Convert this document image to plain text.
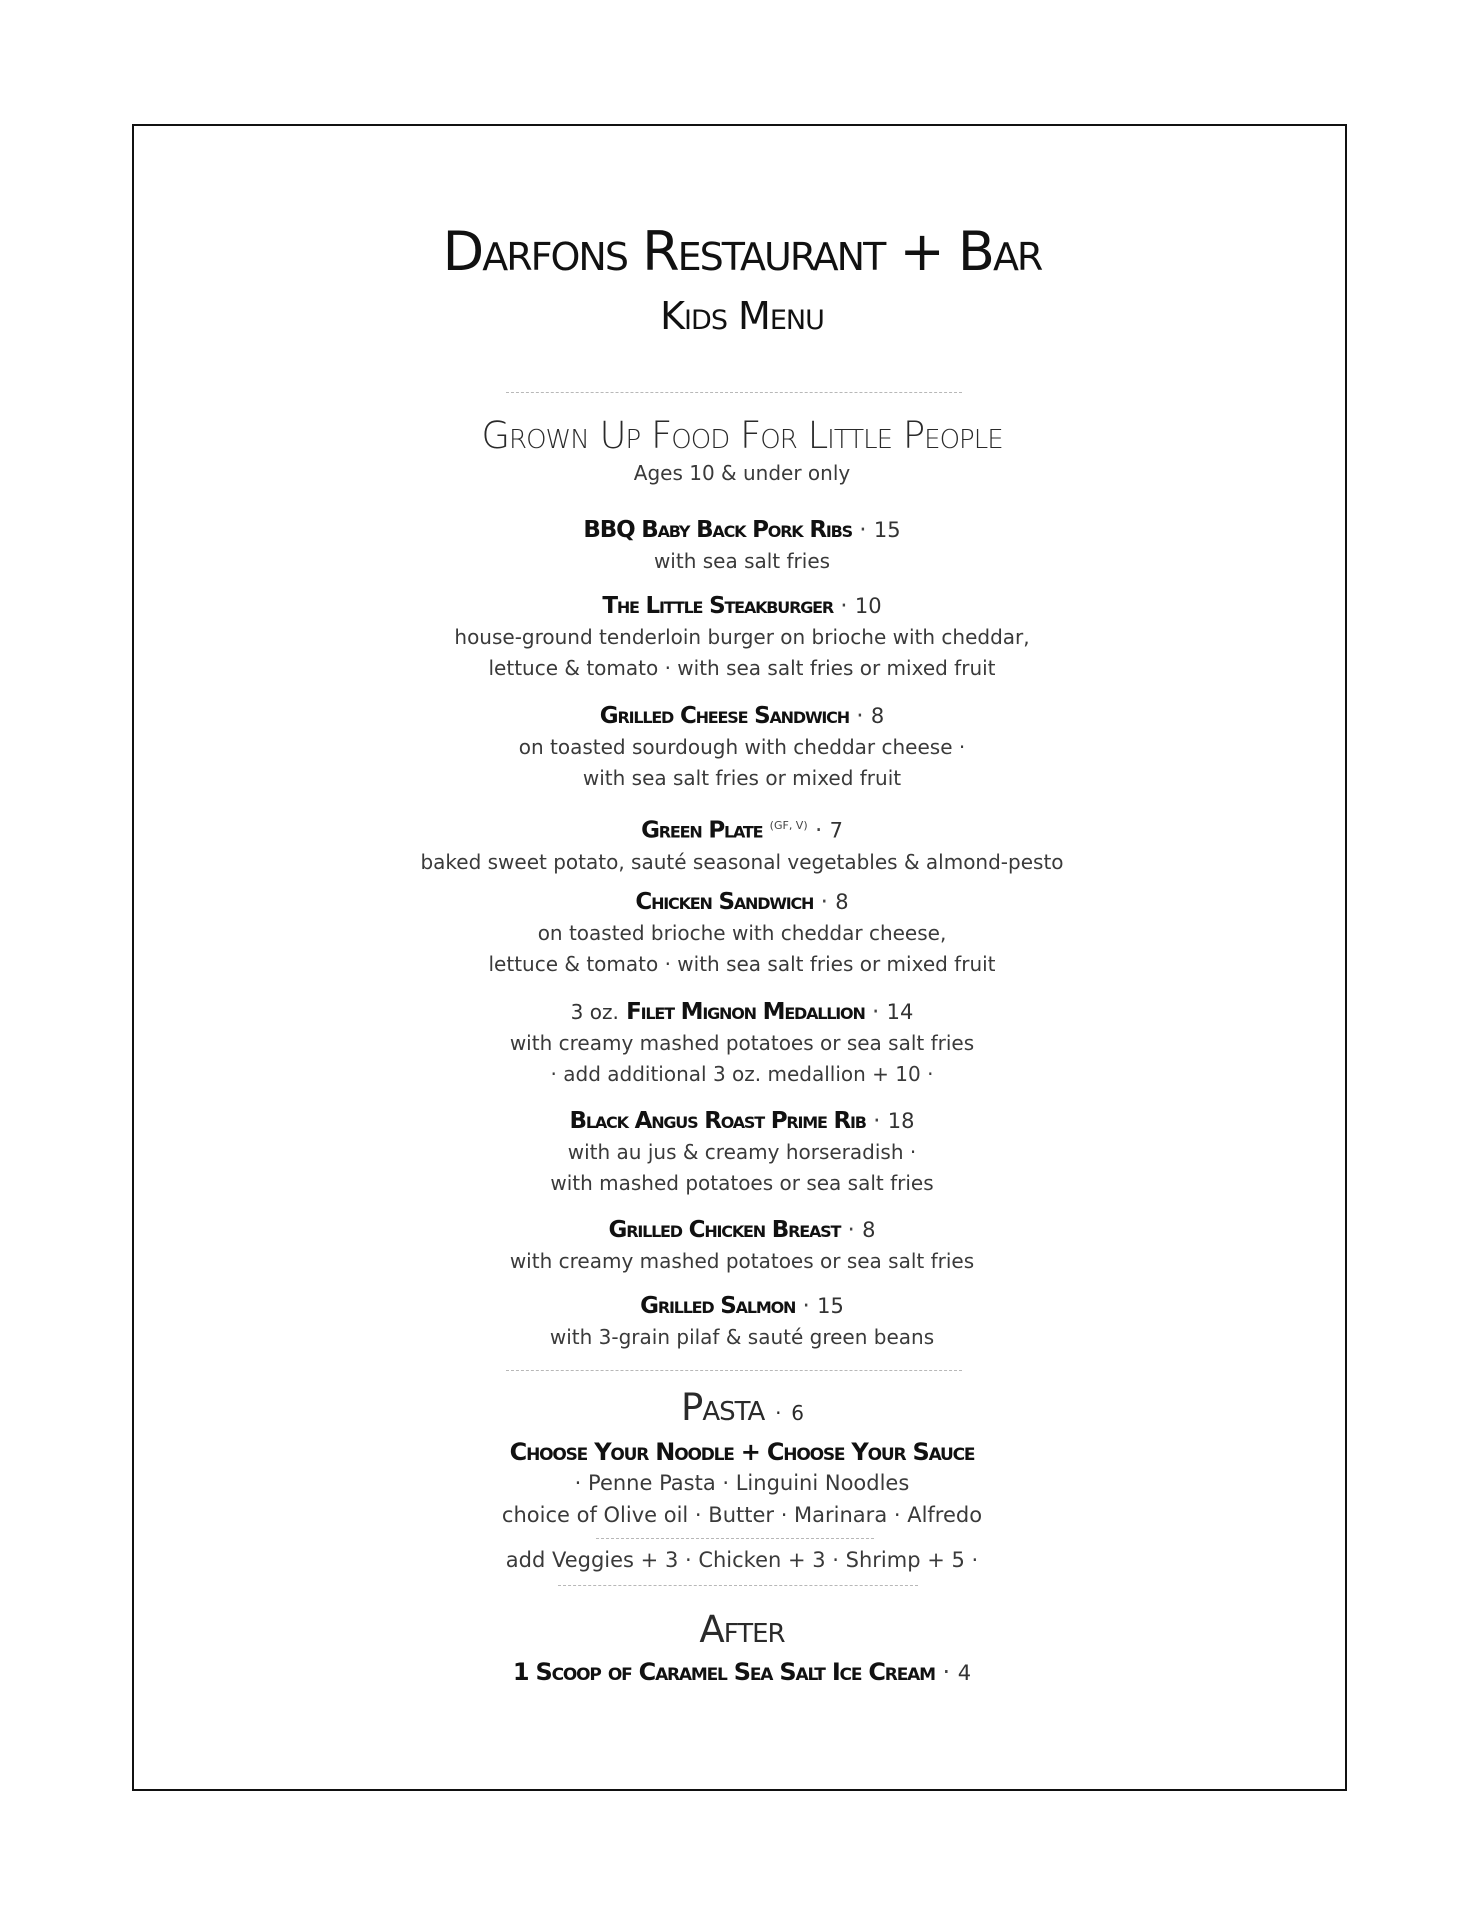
Darfons Restaurant + Bar
Kids Menu
Grown Up Food For Little People
Ages 10 & under only
BBQ Baby Back Pork Ribs · 15
with sea salt fries
The Little Steakburger · 10
house-ground tenderloin burger on brioche with cheddar,
lettuce & tomato · with sea salt fries or mixed fruit
Grilled Cheese Sandwich · 8
on toasted sourdough with cheddar cheese ·
with sea salt fries or mixed fruit
Green Plate $^{(GF, V)}$ · 7
baked sweet potato, sauté seasonal vegetables & almond-pesto
Chicken Sandwich · 8
on toasted brioche with cheddar cheese,
lettuce & tomato · with sea salt fries or mixed fruit
3 oz. Filet Mignon Medallion · 14
with creamy mashed potatoes or sea salt fries
· add additional 3 oz. medallion + 10 ·
Black Angus Roast Prime Rib · 18
with au jus & creamy horseradish ·
with mashed potatoes or sea salt fries
Grilled Chicken Breast · 8
with creamy mashed potatoes or sea salt fries
Grilled Salmon · 15
with 3-grain pilaf & sauté green beans
Pasta · 6
Choose Your Noodle + Choose Your Sauce
· Penne Pasta · Linguini Noodles
choice of Olive oil · Butter · Marinara · Alfredo
add Veggies + 3 · Chicken + 3 · Shrimp + 5 ·
After
1 Scoop of Caramel Sea Salt Ice Cream · 4
